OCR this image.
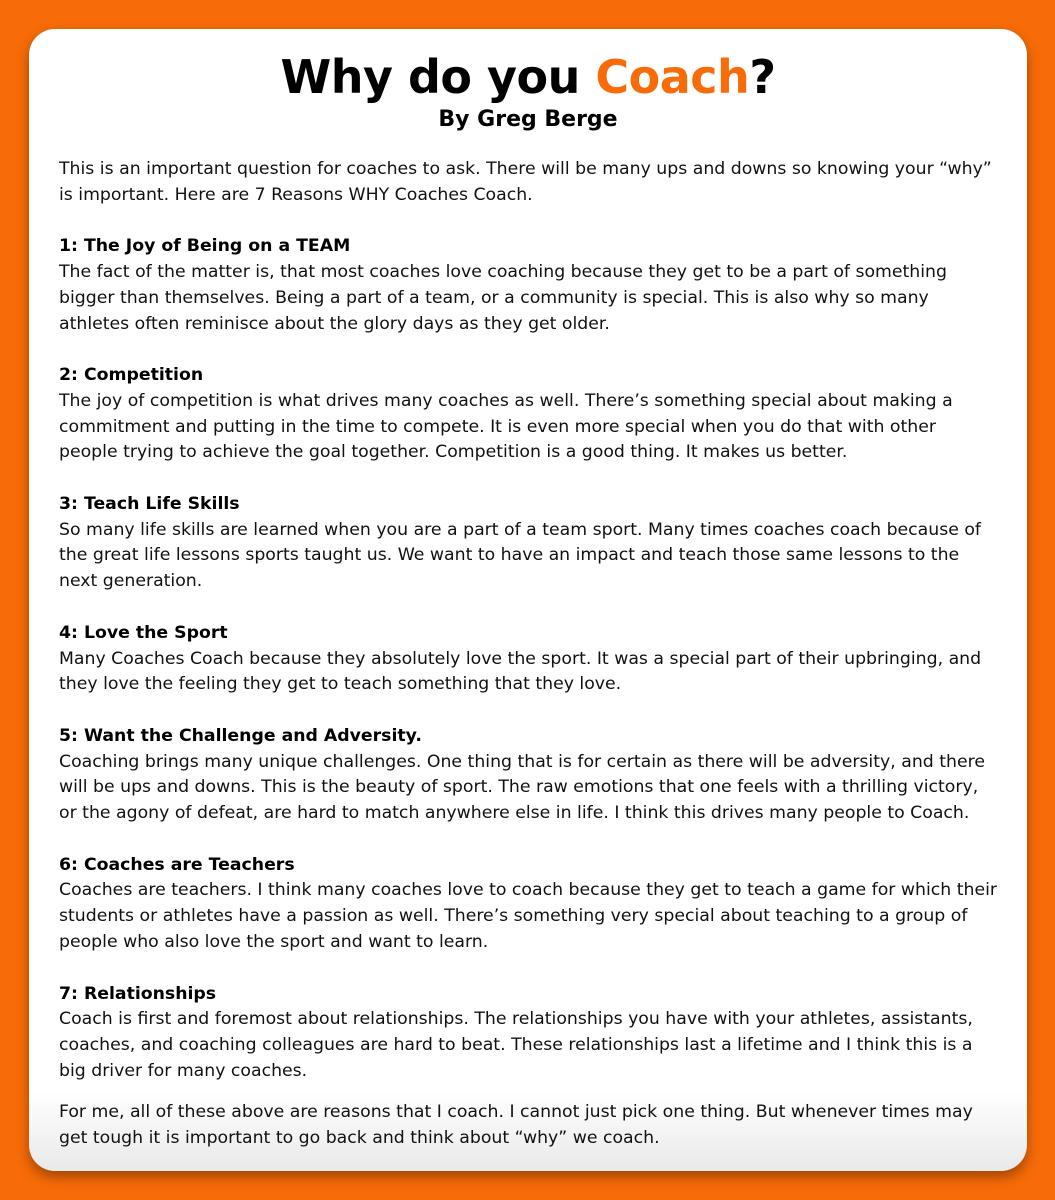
Why do you Coach?

By Greg Berge

This is an important question for coaches to ask. There will be many ups and downs so knowing your “why” is important. Here are 7 Reasons WHY Coaches Coach.

1: The Joy of Being on a TEAM

The fact of the matter is, that most coaches love coaching because they get to be a part of something bigger than themselves. Being a part of a team, or a community is special. This is also why so many athletes often reminisce about the glory days as they get older.

2: Competition

The joy of competition is what drives many coaches as well. There’s something special about making a commitment and putting in the time to compete. It is even more special when you do that with other people trying to achieve the goal together. Competition is a good thing. It makes us better.

3: Teach Life Skills

So many life skills are learned when you are a part of a team sport. Many times coaches coach because of the great life lessons sports taught us. We want to have an impact and teach those same lessons to the next generation.

4: Love the Sport

Many Coaches Coach because they absolutely love the sport. It was a special part of their upbringing, and they love the feeling they get to teach something that they love.

5: Want the Challenge and Adversity.

Coaching brings many unique challenges. One thing that is for certain as there will be adversity, and there will be ups and downs. This is the beauty of sport. The raw emotions that one feels with a thrilling victory, or the agony of defeat, are hard to match anywhere else in life. I think this drives many people to Coach.

6: Coaches are Teachers

Coaches are teachers. I think many coaches love to coach because they get to teach a game for which their students or athletes have a passion as well. There’s something very special about teaching to a group of people who also love the sport and want to learn.

7: Relationships

Coach is first and foremost about relationships. The relationships you have with your athletes, assistants, coaches, and coaching colleagues are hard to beat. These relationships last a lifetime and I think this is a big driver for many coaches.

For me, all of these above are reasons that I coach. I cannot just pick one thing. But whenever times may get tough it is important to go back and think about “why” we coach.
